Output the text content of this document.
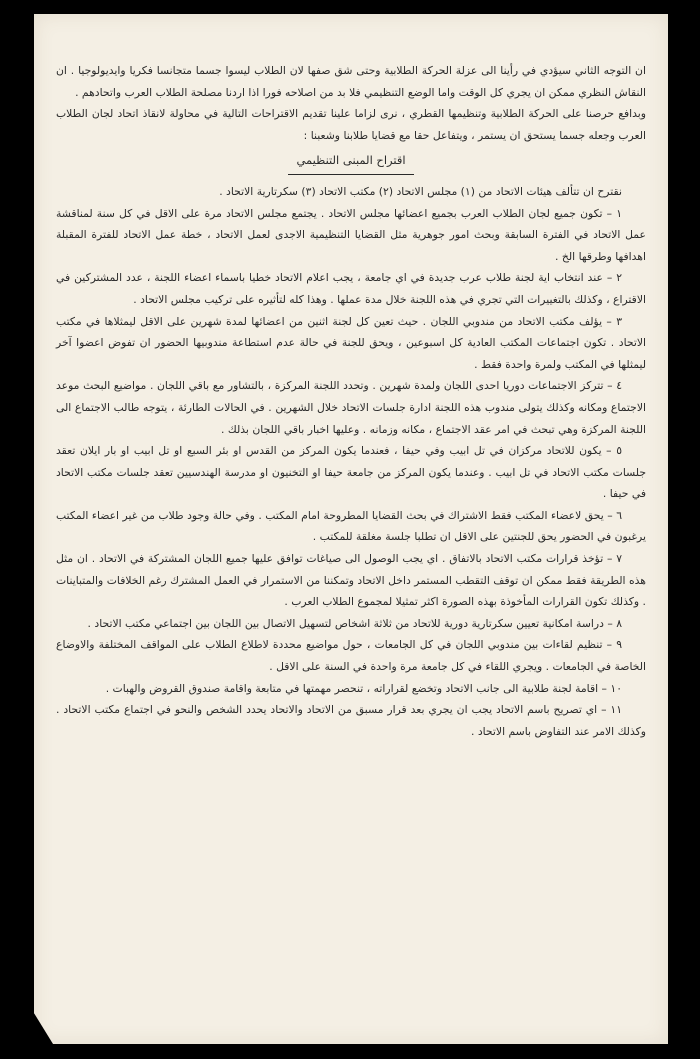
ان التوجه الثاني سيؤدي في رأينا الى عزلة الحركة الطلابية وحتى شق صفها لان الطلاب ليسوا جسما متجانسا فكريا وايديولوجيا . ان النقاش النظري ممكن ان يجري كل الوقت واما الوضع التنظيمي فلا بد من اصلاحه فورا اذا اردنا مصلحة الطلاب العرب واتحادهم .

وبدافع حرصنا على الحركة الطلابية وتنظيمها القطري ، نرى لزاما علينا تقديم الاقتراحات التالية في محاولة لانقاذ اتحاد لجان الطلاب العرب وجعله جسما يستحق ان يستمر ، ويتفاعل حقا مع قضايا طلابنا وشعبنا :

اقتراح المبنى التنظيمي

نقترح ان تتألف هيئات الاتحاد من (١) مجلس الاتحاد (٢) مكتب الاتحاد (٣) سكرتارية الاتحاد .

١ – تكون جميع لجان الطلاب العرب بجميع اعضائها مجلس الاتحاد . يجتمع مجلس الاتحاد مرة على الاقل في كل سنة لمناقشة عمل الاتحاد في الفترة السابقة وبحث امور جوهرية مثل القضايا التنظيمية الاجدى لعمل الاتحاد ، خطة عمل الاتحاد للفترة المقبلة اهدافها وطرقها الخ .

٢ – عند انتخاب اية لجنة طلاب عرب جديدة في اي جامعة ، يجب اعلام الاتحاد خطيا باسماء اعضاء اللجنة ، عدد المشتركين في الاقتراع ، وكذلك بالتغييرات التي تجري في هذه اللجنة خلال مدة عملها . وهذا كله لتأثيره على تركيب مجلس الاتحاد .

٣ – يؤلف مكتب الاتحاد من مندوبي اللجان . حيث تعين كل لجنة اثنين من اعضائها لمدة شهرين على الاقل ليمثلاها في مكتب الاتحاد . تكون اجتماعات المكتب العادية كل اسبوعين ، ويحق للجنة في حالة عدم استطاعة مندوبيها الحضور ان تفوض اعضوا آخر ليمثلها في المكتب ولمرة واحدة فقط .

٤ – تتركز الاجتماعات دوريا احدى اللجان ولمدة شهرين . وتحدد اللجنة المركزة ، بالتشاور مع باقي اللجان . مواضيع البحث موعد الاجتماع ومكانه وكذلك يتولى مندوب هذه اللجنة ادارة جلسات الاتحاد خلال الشهرين . في الحالات الطارئة ، يتوجه طالب الاجتماع الى اللجنة المركزة وهي تبحث في امر عقد الاجتماع ، مكانه وزمانه . وعليها اخبار باقي اللجان بذلك .

٥ – يكون للاتحاد مركزان في تل ابيب وفي حيفا ، فعندما يكون المركز من القدس او بئر السبع او تل ابيب او بار ايلان تعقد جلسات مكتب الاتحاد في تل ابيب . وعندما يكون المركز من جامعة حيفا او التخنيون او مدرسة الهندسيين تعقد جلسات مكتب الاتحاد في حيفا .

٦ – يحق لاعضاء المكتب فقط الاشتراك في بحث القضايا المطروحة امام المكتب . وفي حالة وجود طلاب من غير اعضاء المكتب يرغبون في الحضور يحق للجنتين على الاقل ان تطلبا جلسة مغلقة للمكتب .

٧ – تؤخذ قرارات مكتب الاتحاد بالاتفاق . اي يجب الوصول الى صياغات توافق عليها جميع اللجان المشتركة في الاتحاد . ان مثل هذه الطريقة فقط ممكن ان توقف التقطب المستمر داخل الاتحاد وتمكننا من الاستمرار في العمل المشترك رغم الخلافات والمتباينات . وكذلك تكون القرارات المأخوذة بهذه الصورة اكثر تمثيلا لمجموع الطلاب العرب .

٨ – دراسة امكانية تعيين سكرتارية دورية للاتحاد من ثلاثة اشخاص لتسهيل الاتصال بين اللجان بين اجتماعي مكتب الاتحاد .

٩ – تنظيم لقاءات بين مندوبي اللجان في كل الجامعات ، حول مواضيع محددة لاطلاع الطلاب على المواقف المختلفة والاوضاع الخاصة في الجامعات . ويجري اللقاء في كل جامعة مرة واحدة في السنة على الاقل .

١٠ – اقامة لجنة طلابية الى جانب الاتحاد وتخضع لقراراته ، تنحصر مهمتها في متابعة واقامة صندوق القروض والهبات .

١١ – اي تصريح باسم الاتحاد يجب ان يجري بعد قرار مسبق من الاتحاد والاتحاد يحدد الشخص والنحو في اجتماع مكتب الاتحاد . وكذلك الامر عند التفاوض باسم الاتحاد .
